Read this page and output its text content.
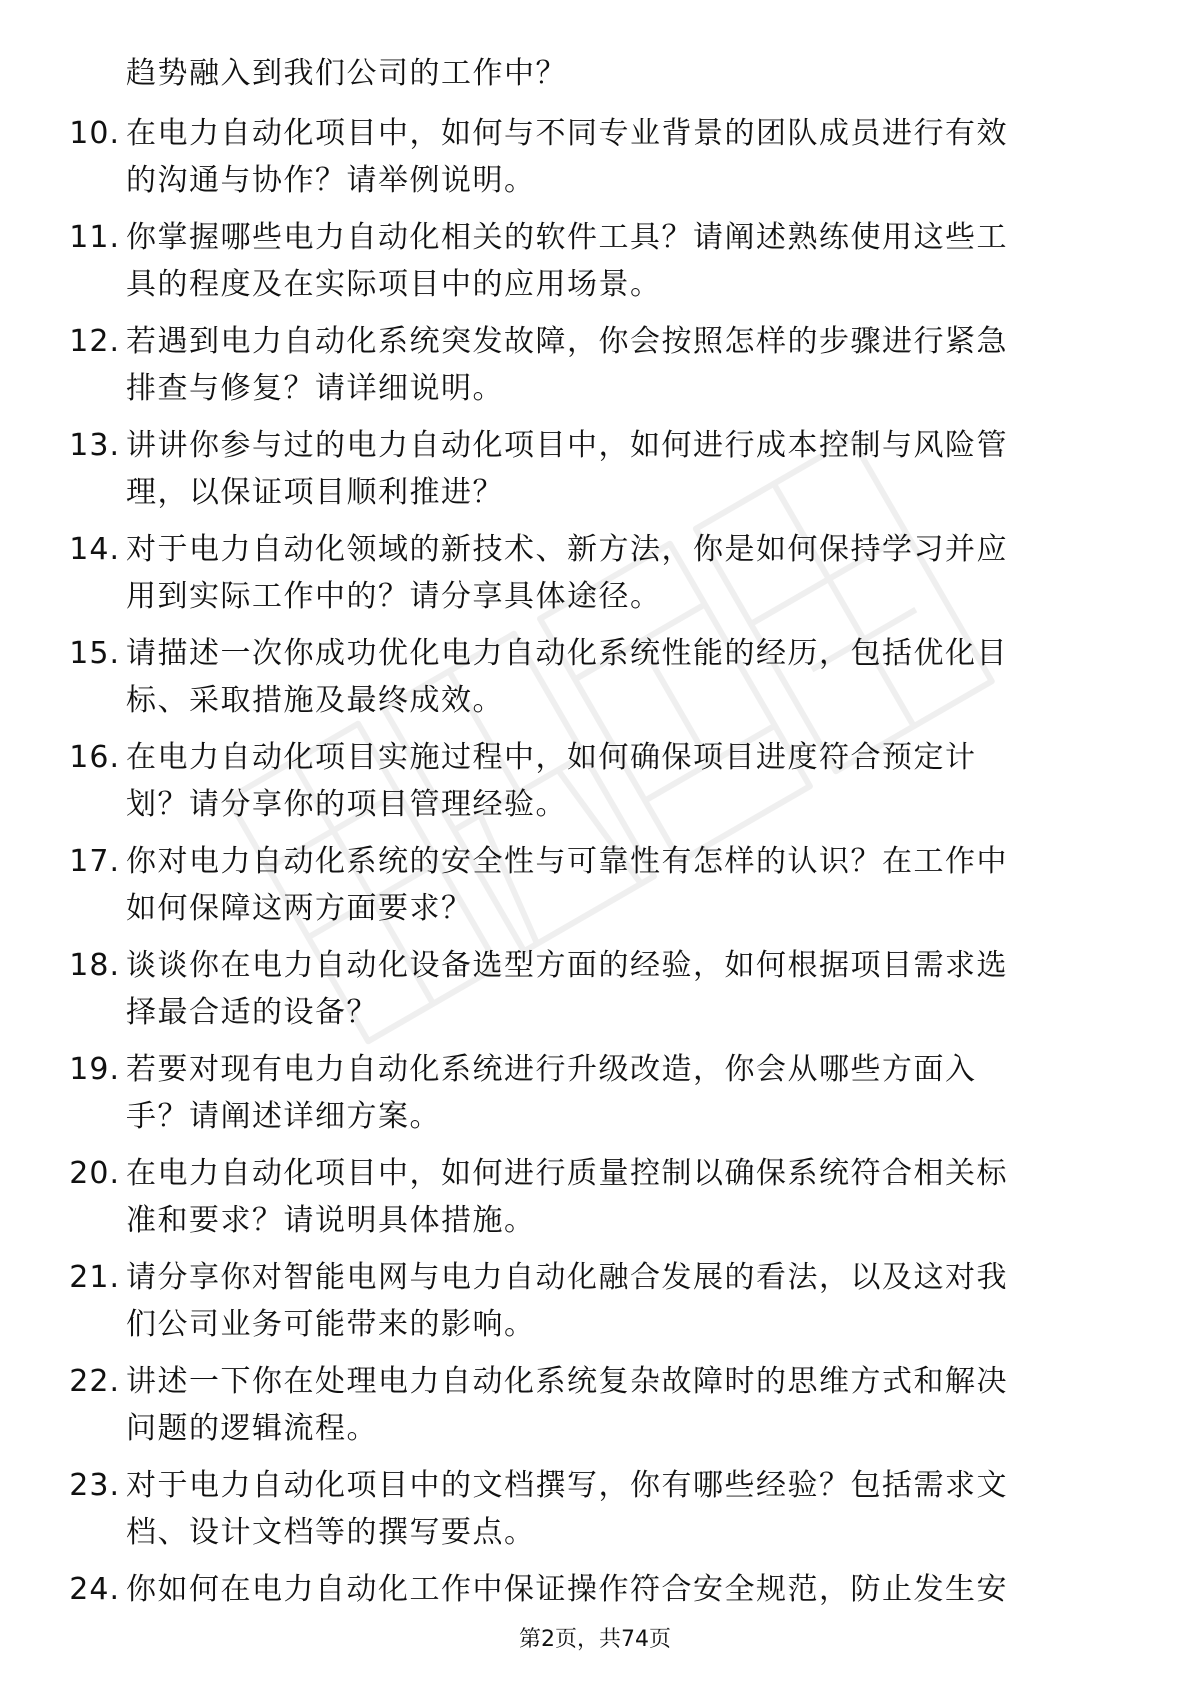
趋势融入到我们公司的工作中？
10. 在电力自动化项目中，如何与不同专业背景的团队成员进行有效
的沟通与协作？请举例说明。
11. 你掌握哪些电力自动化相关的软件工具？请阐述熟练使用这些工
具的程度及在实际项目中的应用场景。
12. 若遇到电力自动化系统突发故障，你会按照怎样的步骤进行紧急
排查与修复？请详细说明。
13. 讲讲你参与过的电力自动化项目中，如何进行成本控制与风险管
理，以保证项目顺利推进？
14. 对于电力自动化领域的新技术、新方法，你是如何保持学习并应
用到实际工作中的？请分享具体途径。
15. 请描述一次你成功优化电力自动化系统性能的经历，包括优化目
标、采取措施及最终成效。
16. 在电力自动化项目实施过程中，如何确保项目进度符合预定计
划？请分享你的项目管理经验。
17. 你对电力自动化系统的安全性与可靠性有怎样的认识？在工作中
如何保障这两方面要求？
18. 谈谈你在电力自动化设备选型方面的经验，如何根据项目需求选
择最合适的设备？
19. 若要对现有电力自动化系统进行升级改造，你会从哪些方面入
手？请阐述详细方案。
20. 在电力自动化项目中，如何进行质量控制以确保系统符合相关标
准和要求？请说明具体措施。
21. 请分享你对智能电网与电力自动化融合发展的看法，以及这对我
们公司业务可能带来的影响。
22. 讲述一下你在处理电力自动化系统复杂故障时的思维方式和解决
问题的逻辑流程。
23. 对于电力自动化项目中的文档撰写，你有哪些经验？包括需求文
档、设计文档等的撰写要点。
24. 你如何在电力自动化工作中保证操作符合安全规范，防止发生安
第2页，共74页
